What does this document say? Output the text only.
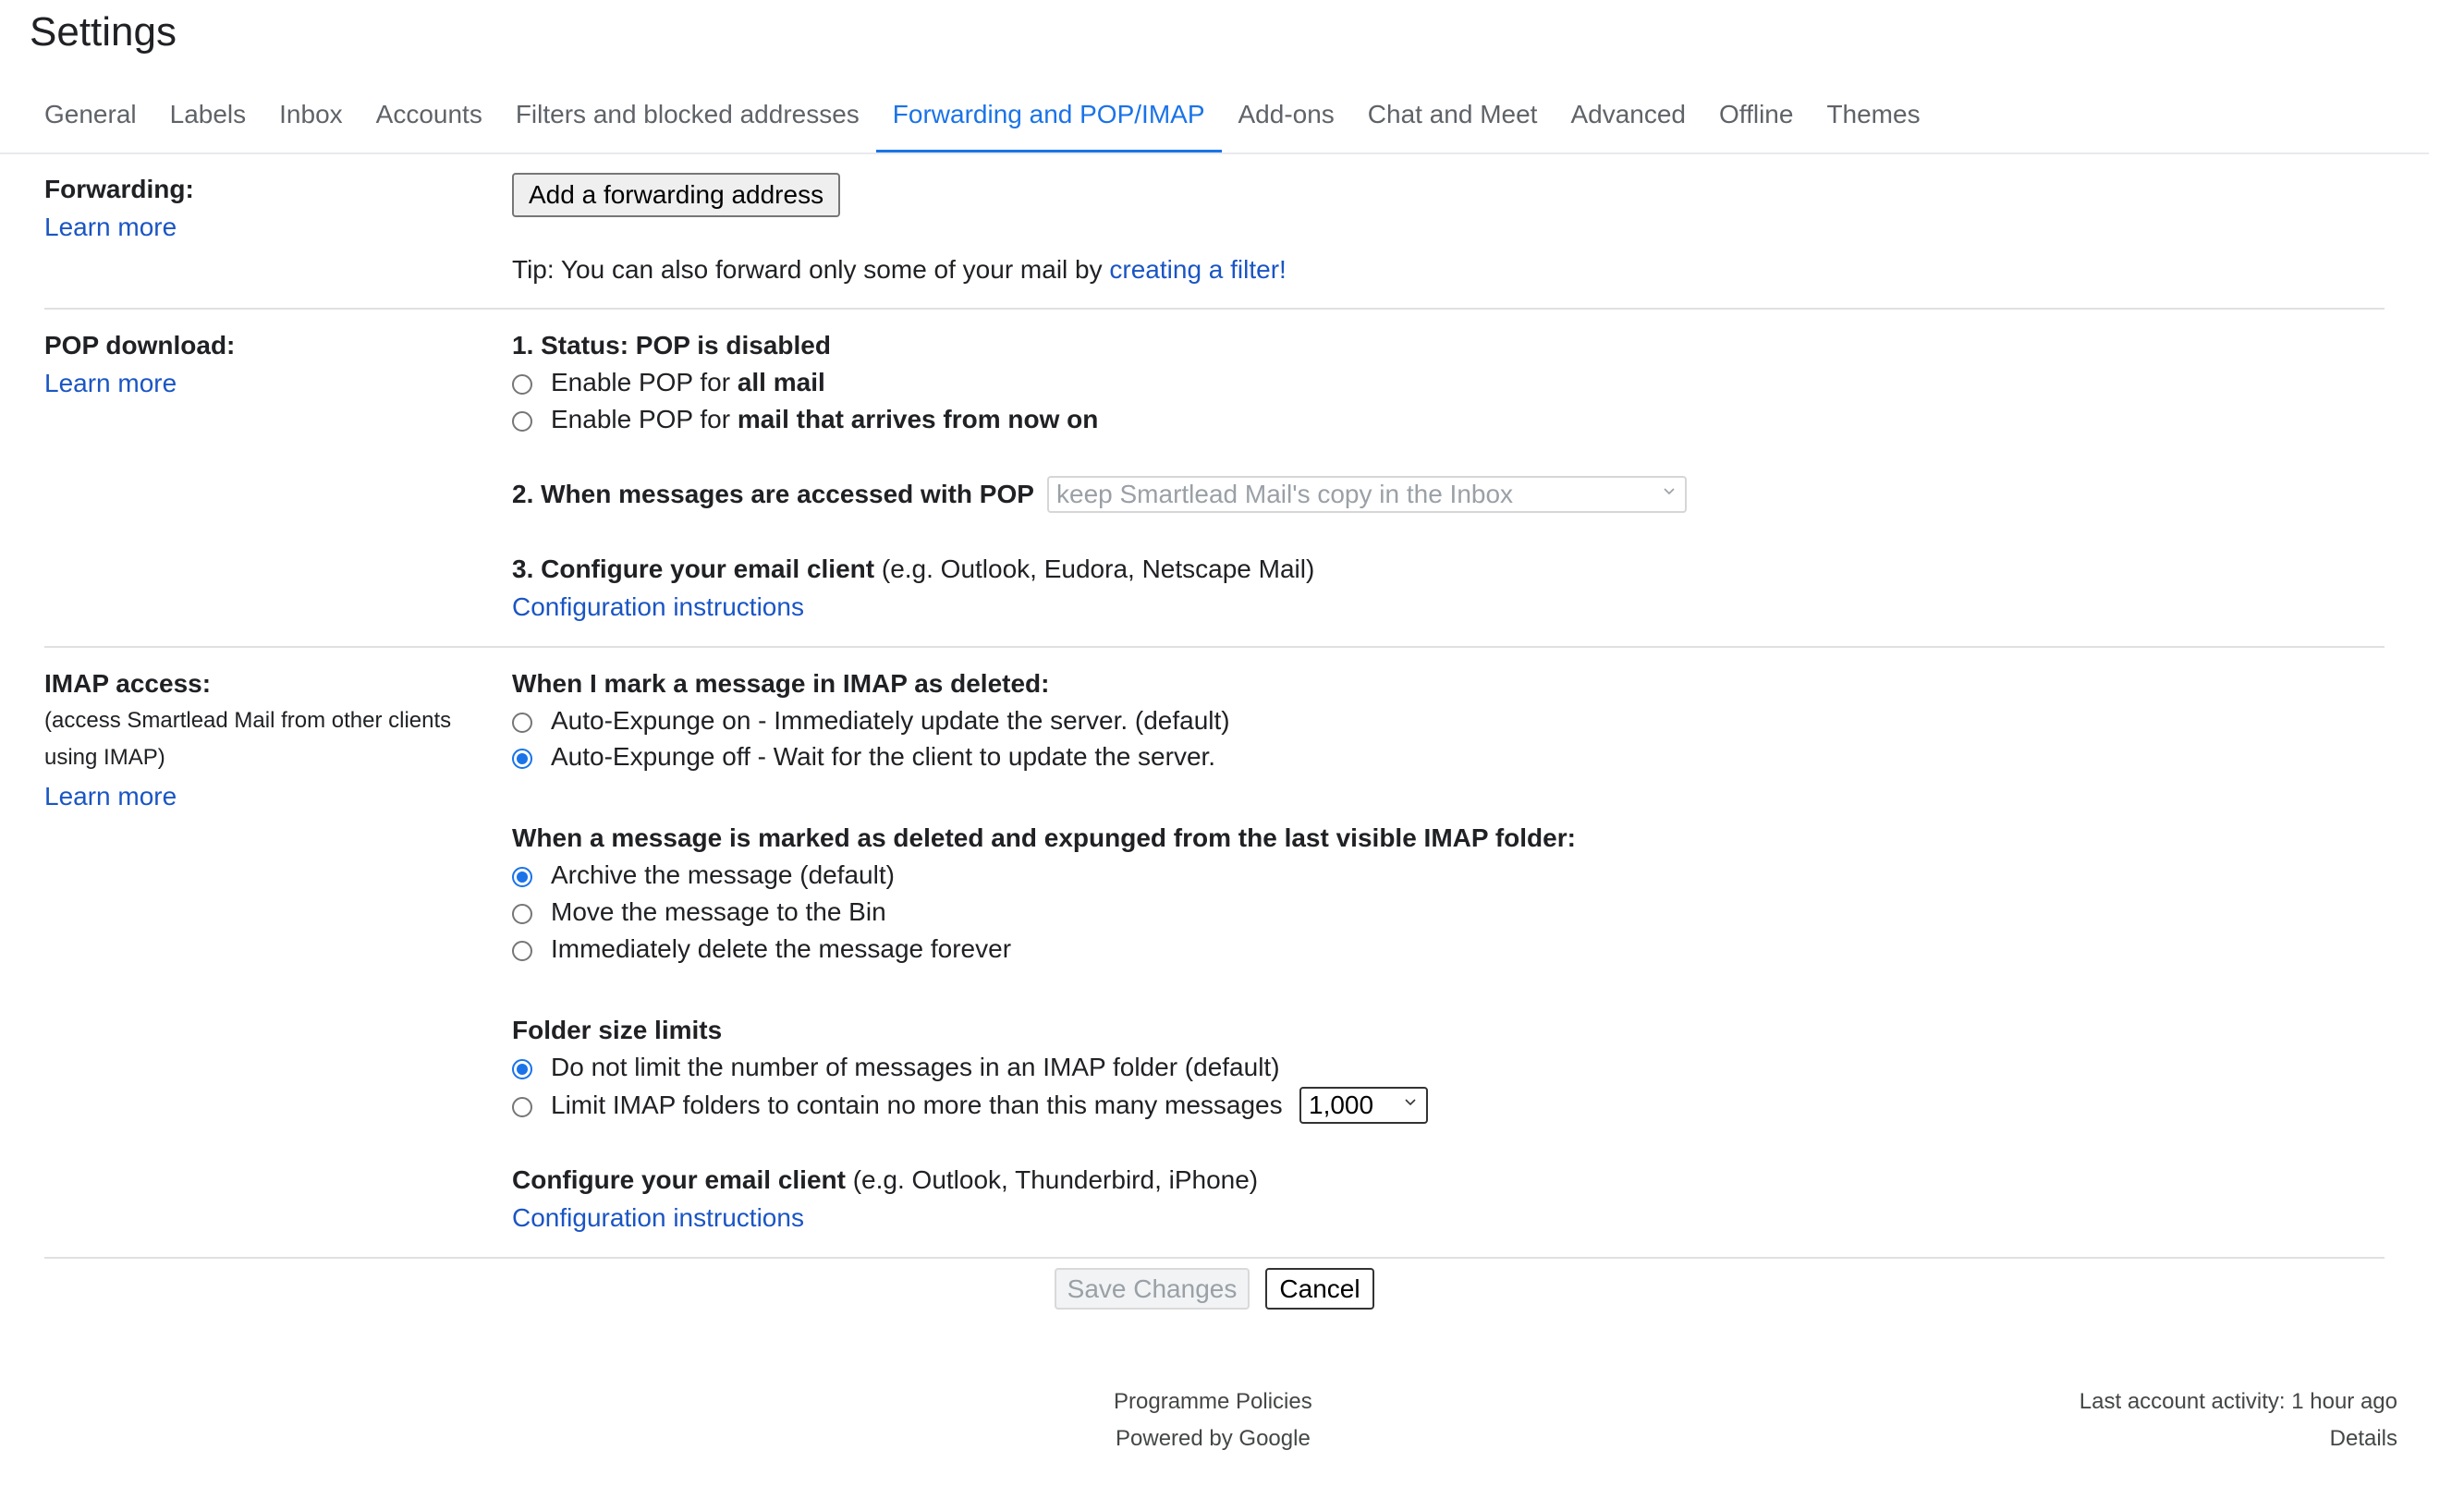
Settings
General	Labels	Inbox	Accounts	Filters and blocked addresses	Forwarding and POP/IMAP	Add-ons	Chat and Meet	Advanced	Offline	Themes
Forwarding:
Learn more
Add a forwarding address
Tip: You can also forward only some of your mail by creating a filter!
POP download:
Learn more
1. Status: POP is disabled
Enable POP for all mail
Enable POP for mail that arrives from now on
2. When messages are accessed with POP keep Smartlead Mail's copy in the Inbox
3. Configure your email client (e.g. Outlook, Eudora, Netscape Mail)
Configuration instructions
IMAP access:
(access Smartlead Mail from other clients using IMAP)
Learn more
When I mark a message in IMAP as deleted:
Auto-Expunge on - Immediately update the server. (default)
Auto-Expunge off - Wait for the client to update the server.
When a message is marked as deleted and expunged from the last visible IMAP folder:
Archive the message (default)
Move the message to the Bin
Immediately delete the message forever
Folder size limits
Do not limit the number of messages in an IMAP folder (default)
Limit IMAP folders to contain no more than this many messages 1,000
Configure your email client (e.g. Outlook, Thunderbird, iPhone)
Configuration instructions
Save Changes	Cancel
Programme Policies
Powered by Google
Last account activity: 1 hour ago
Details
